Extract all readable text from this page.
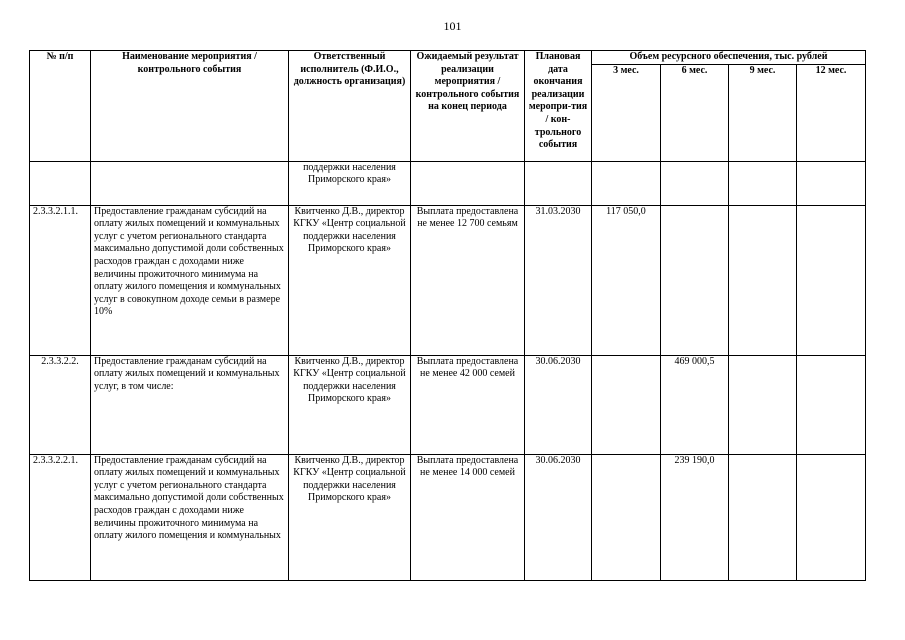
101
№ п/п	Наименование мероприятия / контрольного события	Ответственный исполнитель (Ф.И.О., должность организация)	Ожидаемый результат реализации мероприятия / контрольного события на конец периода	Плановая дата окончания реализации меропри-тия / кон-трольного события	Объем ресурсного обеспечения, тыс. рублей			
					3 мес.	6 мес.	9 мес.	12 мес.
		поддержки населения Приморского края»						
2.3.3.2.1.1.	Предоставление гражданам субсидий на оплату жилых помещений и коммунальных услуг с учетом регионального стандарта максимально допустимой доли собственных расходов граждан с доходами ниже величины прожиточного минимума на оплату жилого помещения и коммунальных услуг в совокупном доходе семьи в размере 10%	Квитченко Д.В., директор КГКУ «Центр социальной поддержки населения Приморского края»	Выплата предоставлена не менее 12 700 семьям	31.03.2030	117 050,0			
2.3.3.2.2.	Предоставление гражданам субсидий на оплату жилых помещений и коммунальных услуг, в том числе:	Квитченко Д.В., директор КГКУ «Центр социальной поддержки населения Приморского края»	Выплата предоставлена не менее 42 000 семей	30.06.2030		469 000,5		
2.3.3.2.2.1.	Предоставление гражданам субсидий на оплату жилых помещений и коммунальных услуг с учетом регионального стандарта максимально допустимой доли собственных расходов граждан с доходами ниже величины прожиточного минимума на оплату жилого помещения и коммунальных	Квитченко Д.В., директор КГКУ «Центр социальной поддержки населения Приморского края»	Выплата предоставлена не менее 14 000 семей	30.06.2030		239 190,0		
